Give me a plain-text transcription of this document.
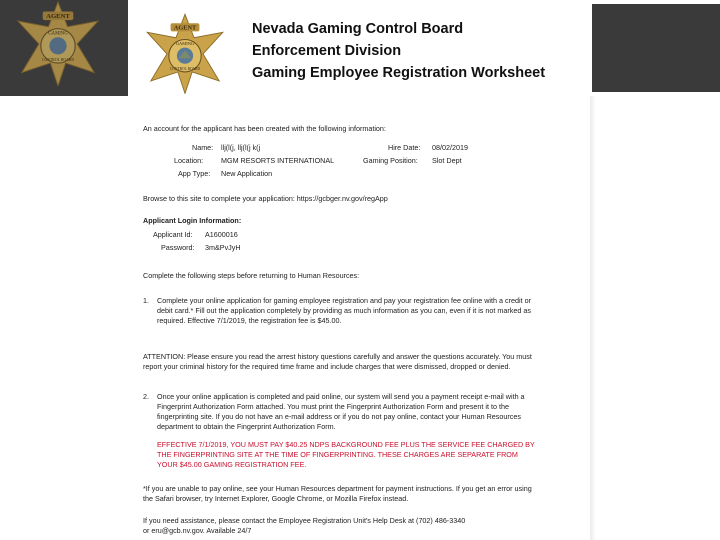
AGENT
GAMING
CONTROL BOARD
AGENT
GAMING
CONTROL BOARD
Nevada Gaming Control Board
Enforcement Division
Gaming Employee Registration Worksheet
An account for the applicant has been created with the following information:
Name: llj(l(j, llj(l(j k(j	Hire Date: 08/02/2019
Location: MGM RESORTS INTERNATIONAL	Gaming Position: Slot Dept
App Type: New Application
Browse to this site to complete your application: https://gcbger.nv.gov/regApp
Applicant Login Information:
Applicant Id: A1600016
Password: 3m&PvJyH
Complete the following steps before returning to Human Resources:
1. Complete your online application for gaming employee registration and pay your registration fee online with a credit or
debit card.* Fill out the application completely by providing as much information as you can, even if it is not marked as
required. Effective 7/1/2019, the registration fee is $45.00.
ATTENTION: Please ensure you read the arrest history questions carefully and answer the questions accurately. You must
report your criminal history for the required time frame and include charges that were dismissed, dropped or denied.
2. Once your online application is completed and paid online, our system will send you a payment receipt e-mail with a
Fingerprint Authorization Form attached. You must print the Fingerprint Authorization Form and present it to the
fingerprinting site. If you do not have an e-mail address or if you do not pay online, contact your Human Resources
department to obtain the Fingerprint Authorization Form.
EFFECTIVE 7/1/2019, YOU MUST PAY $40.25 NDPS BACKGROUND FEE PLUS THE SERVICE FEE CHARGED BY
THE FINGERPRINTING SITE AT THE TIME OF FINGERPRINTING. THESE CHARGES ARE SEPARATE FROM
YOUR $45.00 GAMING REGISTRATION FEE.
*If you are unable to pay online, see your Human Resources department for payment instructions. If you get an error using
the Safari browser, try Internet Explorer, Google Chrome, or Mozilla Firefox instead.
If you need assistance, please contact the Employee Registration Unit's Help Desk at (702) 486-3340
or eru@gcb.nv.gov. Available 24/7
